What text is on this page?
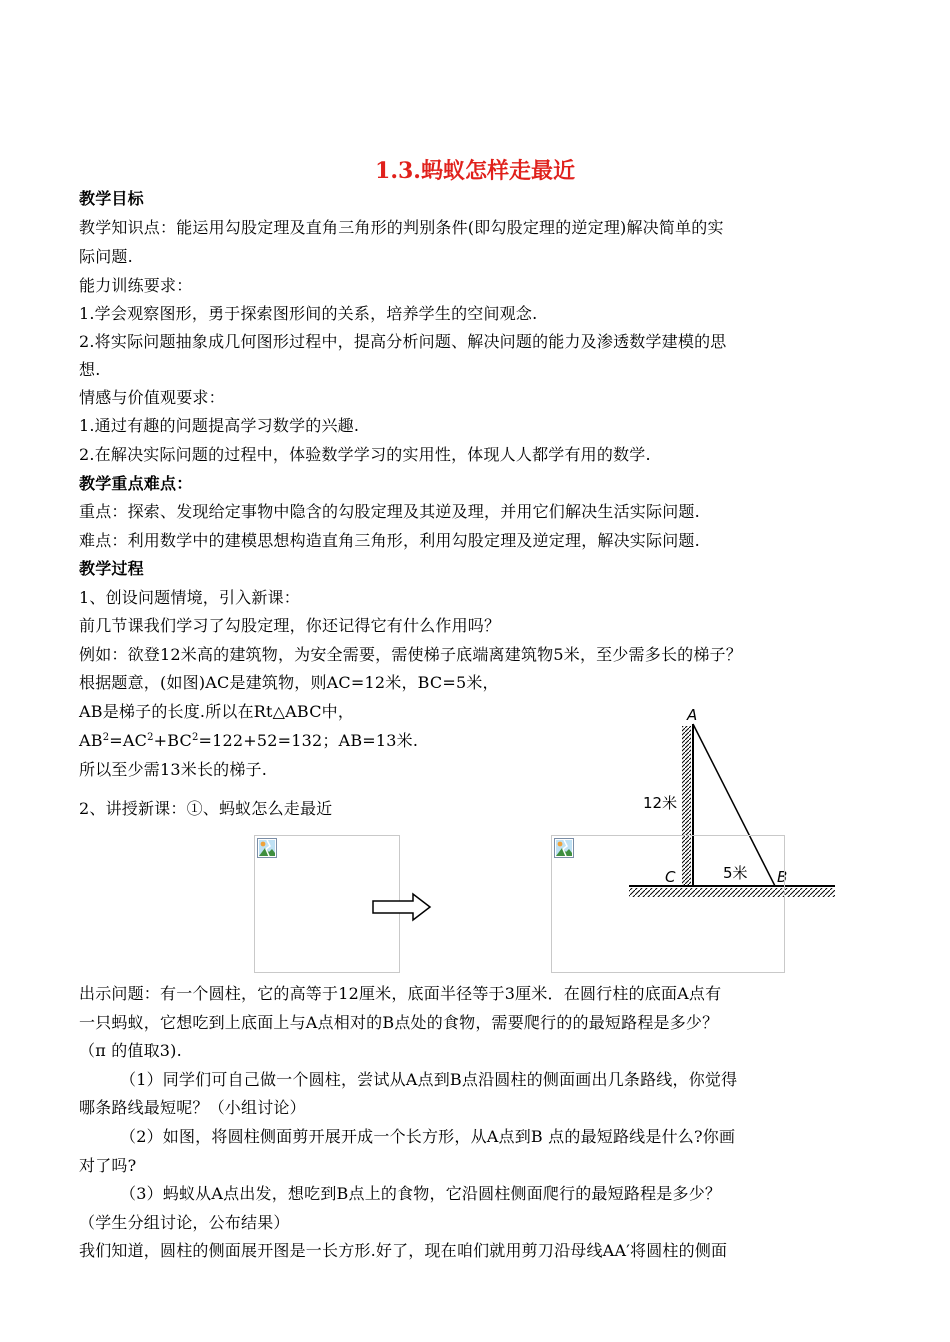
1.3.蚂蚁怎样走最近
教学目标
教学知识点：能运用勾股定理及直角三角形的判别条件(即勾股定理的逆定理)解决简单的实
际问题.
能力训练要求：
1.学会观察图形，勇于探索图形间的关系，培养学生的空间观念.
2.将实际问题抽象成几何图形过程中，提高分析问题、解决问题的能力及渗透数学建模的思
想.
情感与价值观要求：
1.通过有趣的问题提高学习数学的兴趣.
2.在解决实际问题的过程中，体验数学学习的实用性，体现人人都学有用的数学.
教学重点难点：
重点：探索、发现给定事物中隐含的勾股定理及其逆及理，并用它们解决生活实际问题.
难点：利用数学中的建模思想构造直角三角形，利用勾股定理及逆定理，解决实际问题.
教学过程
1、创设问题情境，引入新课：
前几节课我们学习了勾股定理，你还记得它有什么作用吗？
例如：欲登12米高的建筑物，为安全需要，需使梯子底端离建筑物5米，至少需多长的梯子？
根据题意，(如图)AC是建筑物，则AC=12米，BC=5米，
AB是梯子的长度.所以在Rt△ABC中，
$AB^2=AC^2+BC^2=122+52=132$；AB=13米.
所以至少需13米长的梯子.
A
B
C
12米
5米
2、讲授新课：①、蚂蚁怎么走最近
出示问题：有一个圆柱，它的高等于12厘米，底面半径等于3厘米．在圆行柱的底面A点有
一只蚂蚁，它想吃到上底面上与A点相对的B点处的食物，需要爬行的的最短路程是多少？
（π 的值取3).
（1）同学们可自己做一个圆柱，尝试从A点到B点沿圆柱的侧面画出几条路线，你觉得
哪条路线最短呢？（小组讨论）
（2）如图，将圆柱侧面剪开展开成一个长方形，从A点到B 点的最短路线是什么?你画
对了吗?
（3）蚂蚁从A点出发，想吃到B点上的食物，它沿圆柱侧面爬行的最短路程是多少？
（学生分组讨论，公布结果）
我们知道，圆柱的侧面展开图是一长方形.好了，现在咱们就用剪刀沿母线AA′将圆柱的侧面
